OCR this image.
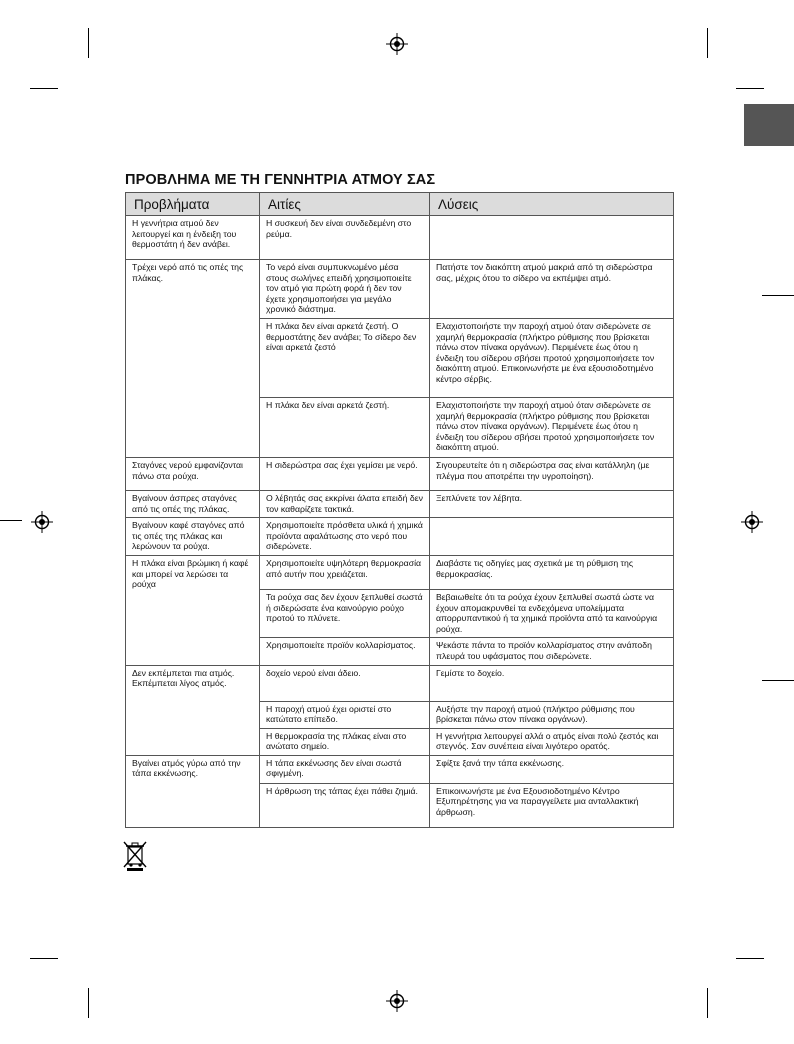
ΠΡΟΒΛΗΜΑ ΜΕ ΤΗ ΓΕΝΝΗΤΡΙΑ ΑΤΜΟΥ ΣΑΣ
Προβλήματα	Αιτίες	Λύσεις
Η γεννήτρια ατμού δεν λειτουργεί και η ένδειξη του θερμοστάτη ή δεν ανάβει.	Η συσκευή δεν είναι συνδεδεμένη στο ρεύμα.	
Τρέχει νερό από τις οπές της πλάκας.	Το νερό είναι συμπυκνωμένο μέσα στους σωλήνες επειδή χρησιμοποιείτε τον ατμό για πρώτη φορά ή δεν τον έχετε χρησιμοποιήσει για μεγάλο χρονικό διάστημα.	Πατήστε τον διακόπτη ατμού μακριά από τη σιδερώστρα σας, μέχρις ότου το σίδερο να εκπέμψει ατμό.
	Η πλάκα δεν είναι αρκετά ζεστή. Ο θερμοστάτης δεν ανάβει; Το σίδερο δεν είναι αρκετά ζεστό	Ελαχιστοποιήστε την παροχή ατμού όταν σιδερώνετε σε χαμηλή θερμοκρασία (πλήκτρο ρύθμισης που βρίσκεται πάνω στον πίνακα οργάνων). Περιμένετε έως ότου η ένδειξη του σίδερου σβήσει προτού χρησιμοποιήσετε τον διακόπτη ατμού. Επικοινωνήστε με ένα εξουσιοδοτημένο κέντρο σέρβις.
	Η πλάκα δεν είναι αρκετά ζεστή.	Ελαχιστοποιήστε την παροχή ατμού όταν σιδερώνετε σε χαμηλή θερμοκρασία (πλήκτρο ρύθμισης που βρίσκεται πάνω στον πίνακα οργάνων). Περιμένετε έως ότου η ένδειξη του σίδερου σβήσει προτού χρησιμοποιήσετε τον διακόπτη ατμού.
Σταγόνες νερού εμφανίζονται πάνω στα ρούχα.	Η σιδερώστρα σας έχει γεμίσει με νερό.	Σιγουρευτείτε ότι η σιδερώστρα σας είναι κατάλληλη (με πλέγμα που αποτρέπει την υγροποίηση).
Βγαίνουν άσπρες σταγόνες από τις οπές της πλάκας.	Ο λέβητάς σας εκκρίνει άλατα επειδή δεν τον καθαρίζετε τακτικά.	Ξεπλύνετε τον λέβητα.
Βγαίνουν καφέ σταγόνες από τις οπές της πλάκας και λερώνουν τα ρούχα.	Χρησιμοποιείτε πρόσθετα υλικά ή χημικά προϊόντα αφαλάτωσης στο νερό που σιδερώνετε.	
Η πλάκα είναι βρώμικη ή καφέ και μπορεί να λερώσει τα ρούχα	Χρησιμοποιείτε υψηλότερη θερμοκρασία από αυτήν που χρειάζεται.	Διαβάστε τις οδηγίες μας σχετικά με τη ρύθμιση της θερμοκρασίας.
	Τα ρούχα σας δεν έχουν ξεπλυθεί σωστά ή σιδερώσατε ένα καινούργιο ρούχο προτού το πλύνετε.	Βεβαιωθείτε ότι τα ρούχα έχουν ξεπλυθεί σωστά ώστε να έχουν απομακρυνθεί τα ενδεχόμενα υπολείμματα απορρυπαντικού ή τα χημικά προϊόντα από τα καινούργια ρούχα.
	Χρησιμοποιείτε προϊόν κολλαρίσματος.	Ψεκάστε πάντα το προϊόν κολλαρίσματος στην ανάποδη πλευρά του υφάσματος που σιδερώνετε.
Δεν εκπέμπεται πια ατμός. Εκπέμπεται λίγος ατμός.	δοχείο νερού είναι άδειο.	Γεμίστε το δοχείο.
	Η παροχή ατμού έχει οριστεί στο κατώτατο επίπεδο.	Αυξήστε την παροχή ατμού (πλήκτρο ρύθμισης που βρίσκεται πάνω στον πίνακα οργάνων).
	Η θερμοκρασία της πλάκας είναι στο ανώτατο σημείο.	Η γεννήτρια λειτουργεί αλλά ο ατμός είναι πολύ ζεστός και στεγνός. Σαν συνέπεια είναι λιγότερο ορατός.
Βγαίνει ατμός γύρω από την τάπα εκκένωσης.	Η τάπα εκκένωσης δεν είναι σωστά σφιγμένη.	Σφίξτε ξανά την τάπα εκκένωσης.
	Η άρθρωση της τάπας έχει πάθει ζημιά.	Επικοινωνήστε με ένα Εξουσιοδοτημένο Κέντρο Εξυπηρέτησης για να παραγγείλετε μια ανταλλακτική άρθρωση.
